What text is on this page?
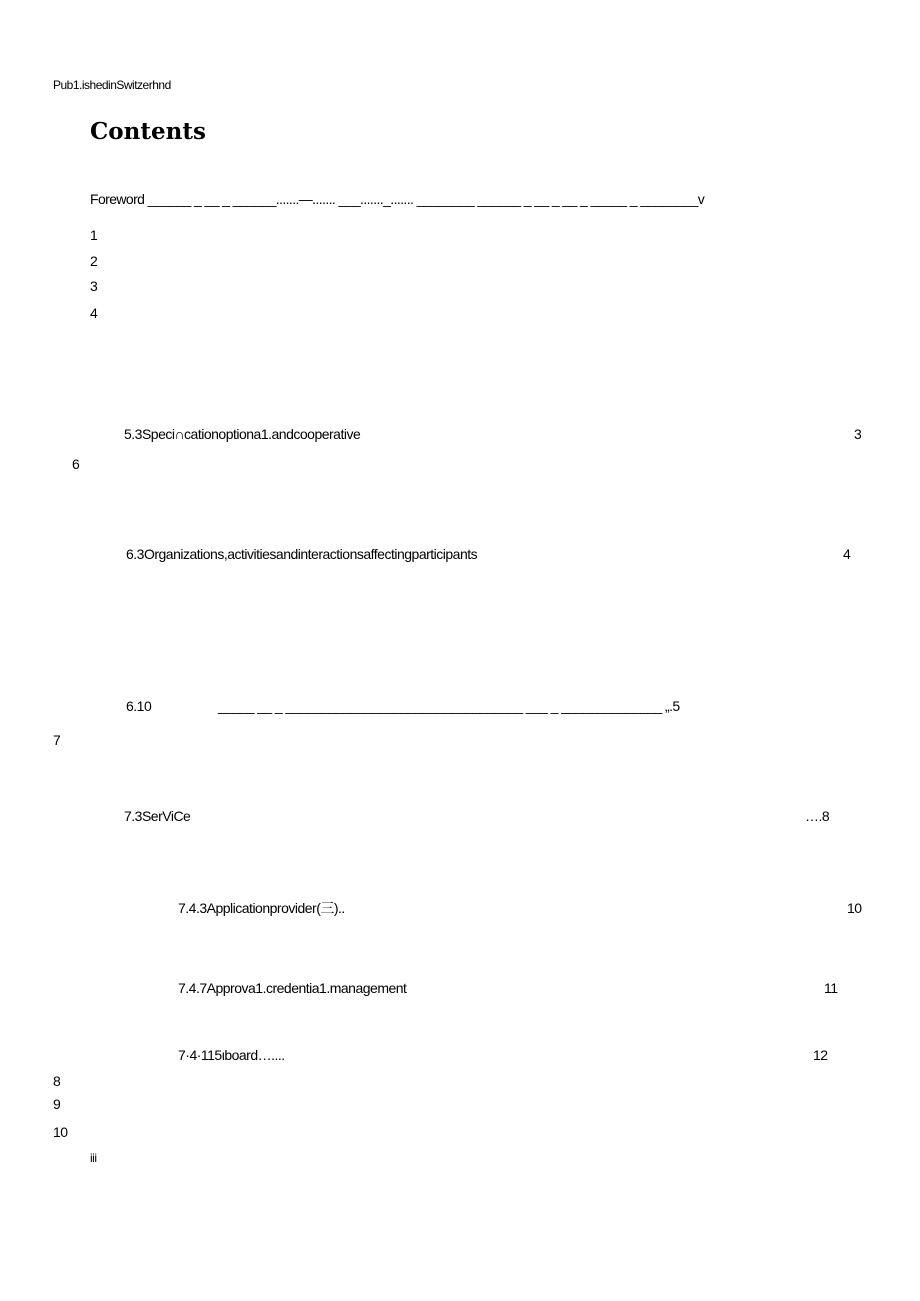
Pub1.ishedinSwitzerhnd
Contents
Foreword ______ _ __ _ ______.......—....... ___......._....... ________ ______ _ __ _ __ _ _____ _ ________v
1
2
3
4
5.3Speci∩cationoptiona1.andcooperative	3
6
6.3Organizations,activitiesandinteractionsaffectingparticipants	4
6.10	_____ __ _ _________________________________ ___ _ ______________ „.5
7
7.3SerViCe	….8
7.4.3Applicationprovider(三)..	10
7.4.7Approva1.credentia1.management	11
7·4·115ιboard…....	12
8
9
10
iii
